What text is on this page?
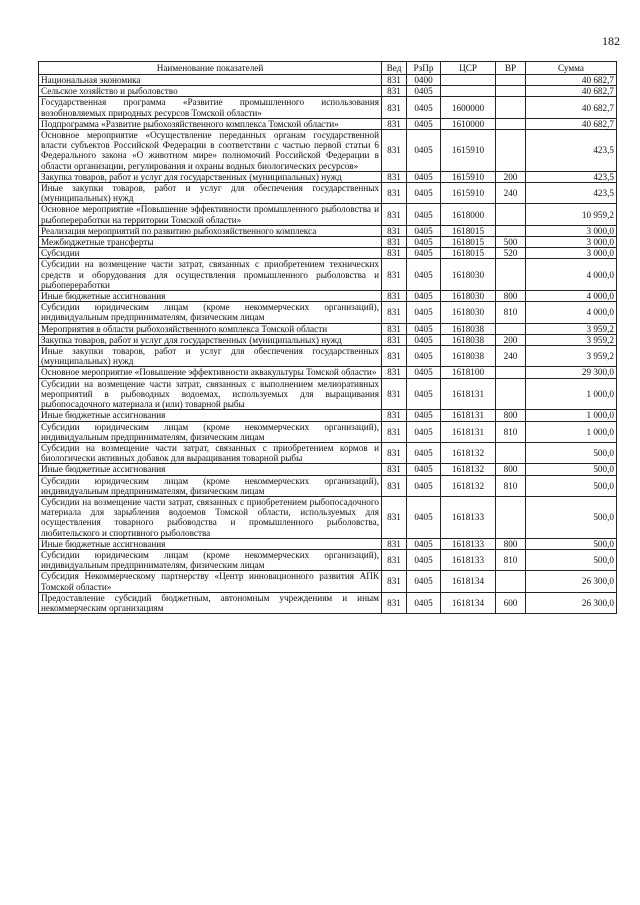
182
Наименование показателей	Вед	РзПр	ЦСР	ВР	Сумма
Национальная экономика	831	0400			40 682,7
Сельское хозяйство и рыболовство	831	0405			40 682,7
Государственная программа «Развитие промышленного использования возобновляемых природных ресурсов Томской области»	831	0405	1600000		40 682,7
Подпрограмма «Развитие рыбохозяйственного комплекса Томской области»	831	0405	1610000		40 682,7
Основное мероприятие «Осуществление переданных органам государственной власти субъектов Российской Федерации в соответствии с частью первой статьи 6 Федерального закона «О животном мире» полномочий Российской Федерации в области организации, регулирования и охраны водных биологических ресурсов»	831	0405	1615910		423,5
Закупка товаров, работ и услуг для государственных (муниципальных) нужд	831	0405	1615910	200	423,5
Иные закупки товаров, работ и услуг для обеспечения государственных (муниципальных) нужд	831	0405	1615910	240	423,5
Основное мероприятие «Повышение эффективности промышленного рыболовства и рыбопереработки на территории Томской области»	831	0405	1618000		10 959,2
Реализация мероприятий по развитию рыбохозяйственного комплекса	831	0405	1618015		3 000,0
Межбюджетные трансферты	831	0405	1618015	500	3 000,0
Субсидии	831	0405	1618015	520	3 000,0
Субсидии на возмещение части затрат, связанных с приобретением технических средств и оборудования для осуществления промышленного рыболовства и рыбопереработки	831	0405	1618030		4 000,0
Иные бюджетные ассигнования	831	0405	1618030	800	4 000,0
Субсидии юридическим лицам (кроме некоммерческих организаций), индивидуальным предпринимателям, физическим лицам	831	0405	1618030	810	4 000,0
Мероприятия в области рыбохозяйственного комплекса Томской области	831	0405	1618038		3 959,2
Закупка товаров, работ и услуг для государственных (муниципальных) нужд	831	0405	1618038	200	3 959,2
Иные закупки товаров, работ и услуг для обеспечения государственных (муниципальных) нужд	831	0405	1618038	240	3 959,2
Основное мероприятие «Повышение эффективности аквакультуры Томской области»	831	0405	1618100		29 300,0
Субсидии на возмещение части затрат, связанных с выполнением мелиоративных мероприятий в рыбоводных водоемах, используемых для выращивания рыбопосадочного материала и (или) товарной рыбы	831	0405	1618131		1 000,0
Иные бюджетные ассигнования	831	0405	1618131	800	1 000,0
Субсидии юридическим лицам (кроме некоммерческих организаций), индивидуальным предпринимателям, физическим лицам	831	0405	1618131	810	1 000,0
Субсидии на возмещение части затрат, связанных с приобретением кормов и биологически активных добавок для выращивания товарной рыбы	831	0405	1618132		500,0
Иные бюджетные ассигнования	831	0405	1618132	800	500,0
Субсидии юридическим лицам (кроме некоммерческих организаций), индивидуальным предпринимателям, физическим лицам	831	0405	1618132	810	500,0
Субсидии на возмещение части затрат, связанных с приобретением рыбопосадочного материала для зарыбления водоемов Томской области, используемых для осуществления товарного рыбоводства и промышленного рыболовства, любительского и спортивного рыболовства	831	0405	1618133		500,0
Иные бюджетные ассигнования	831	0405	1618133	800	500,0
Субсидии юридическим лицам (кроме некоммерческих организаций), индивидуальным предпринимателям, физическим лицам	831	0405	1618133	810	500,0
Субсидия Некоммерческому партнерству «Центр инновационного развития АПК Томской области»	831	0405	1618134		26 300,0
Предоставление субсидий бюджетным, автономным учреждениям и иным некоммерческим организациям	831	0405	1618134	600	26 300,0
